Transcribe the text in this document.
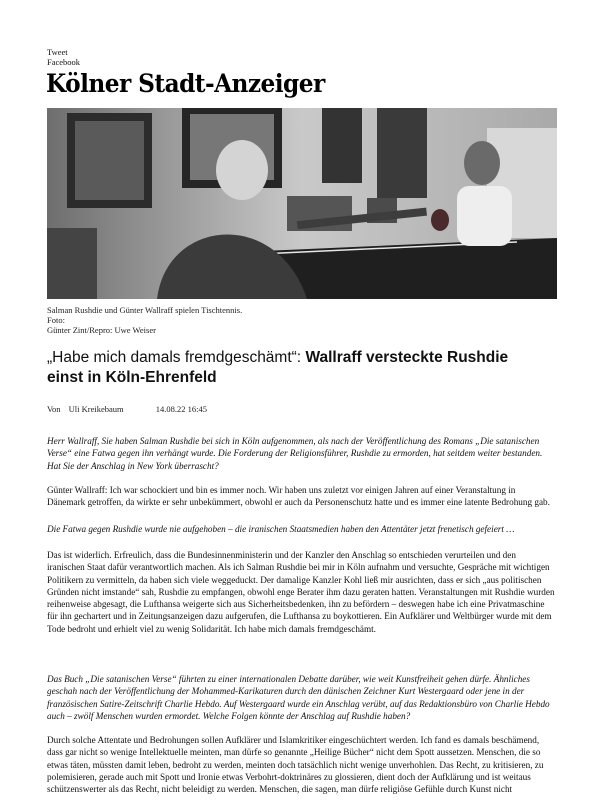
Tweet
Facebook
Kölner Stadt-Anzeiger
Salman Rushdie und Günter Wallraff spielen Tischtennis.
Foto:
Günter Zint/Repro: Uwe Weiser
„Habe mich damals fremdgeschämt“: Wallraff versteckte Rushdie einst in Köln-Ehrenfeld
Von Uli Kreikebaum	14.08.22 16:45

Herr Wallraff, Sie haben Salman Rushdie bei sich in Köln aufgenommen, als nach der Veröffentlichung des Romans „Die satanischen Verse“ eine Fatwa gegen ihn verhängt wurde. Die Forderung der Religionsführer, Rushdie zu ermorden, hat seitdem weiter bestanden. Hat Sie der Anschlag in New York überrascht?

Günter Wallraff: Ich war schockiert und bin es immer noch. Wir haben uns zuletzt vor einigen Jahren auf einer Veranstaltung in Dänemark getroffen, da wirkte er sehr unbekümmert, obwohl er auch da Personenschutz hatte und es immer eine latente Bedrohung gab.

Die Fatwa gegen Rushdie wurde nie aufgehoben – die iranischen Staatsmedien haben den Attentäter jetzt frenetisch gefeiert …

Das ist widerlich. Erfreulich, dass die Bundesinnenministerin und der Kanzler den Anschlag so entschieden verurteilen und den iranischen Staat dafür verantwortlich machen. Als ich Salman Rushdie bei mir in Köln aufnahm und versuchte, Gespräche mit wichtigen Politikern zu vermitteln, da haben sich viele weggeduckt. Der damalige Kanzler Kohl ließ mir ausrichten, dass er sich „aus politischen Gründen nicht imstande“ sah, Rushdie zu empfangen, obwohl enge Berater ihm dazu geraten hatten. Veranstaltungen mit Rushdie wurden reihenweise abgesagt, die Lufthansa weigerte sich aus Sicherheitsbedenken, ihn zu befördern – deswegen habe ich eine Privatmaschine für ihn gechartert und in Zeitungsanzeigen dazu aufgerufen, die Lufthansa zu boykottieren. Ein Aufklärer und Weltbürger wurde mit dem Tode bedroht und erhielt viel zu wenig Solidarität. Ich habe mich damals fremdgeschämt.

Das Buch „Die satanischen Verse“ führten zu einer internationalen Debatte darüber, wie weit Kunstfreiheit gehen dürfe. Ähnliches geschah nach der Veröffentlichung der Mohammed-Karikaturen durch den dänischen Zeichner Kurt Westergaard oder jene in der französischen Satire-Zeitschrift Charlie Hebdo. Auf Westergaard wurde ein Anschlag verübt, auf das Redaktionsbüro von Charlie Hebdo auch – zwölf Menschen wurden ermordet. Welche Folgen könnte der Anschlag auf Rushdie haben?

Durch solche Attentate und Bedrohungen sollen Aufklärer und Islamkritiker eingeschüchtert werden. Ich fand es damals beschämend, dass gar nicht so wenige Intellektuelle meinten, man dürfe so genannte „Heilige Bücher“ nicht dem Spott aussetzen. Menschen, die so etwas täten, müssten damit leben, bedroht zu werden, meinten doch tatsächlich nicht wenige unverhohlen. Das Recht, zu kritisieren, zu polemisieren, gerade auch mit Spott und Ironie etwas Verbohrt-doktrinäres zu glossieren, dient doch der Aufklärung und ist weitaus schützenswerter als das Recht, nicht beleidigt zu werden. Menschen, die sagen, man dürfe religiöse Gefühle durch Kunst nicht
